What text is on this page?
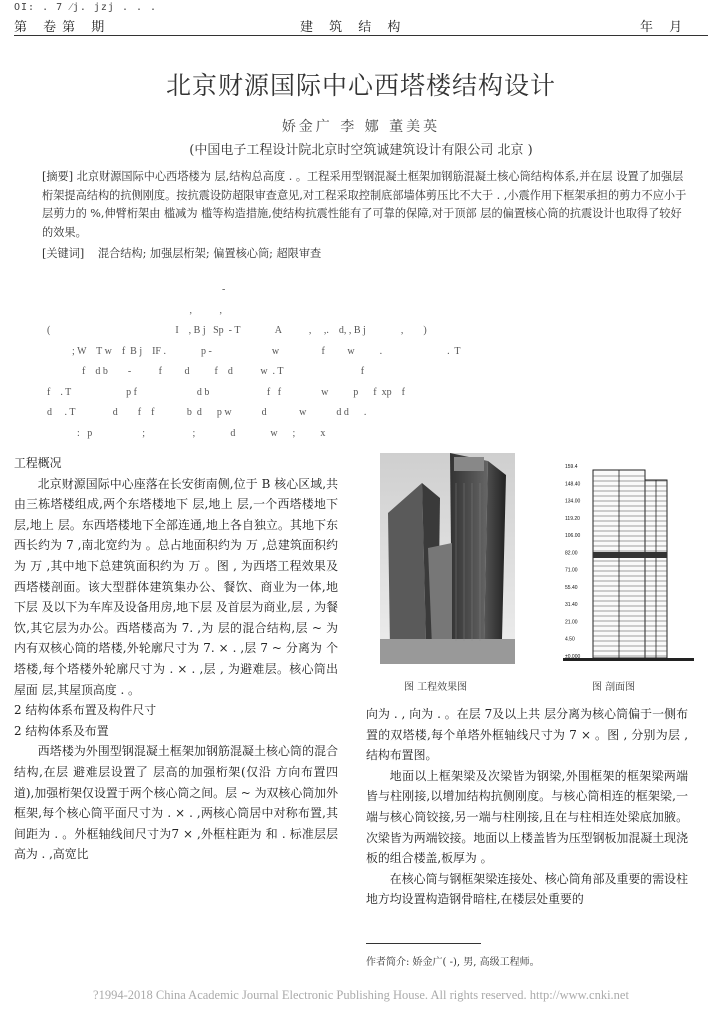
OI: . 7 ⁄j. jzj . . .
第 卷第 期	建 筑 结 构	年 月
北京财源国际中心西塔楼结构设计
娇金广 李 娜 董美英
(中国电子工程设计院北京时空筑诚建筑设计有限公司 北京 )
[摘要] 北京财源国际中心西塔楼为 层,结构总高度 . 。工程采用型钢混凝土框架加钢筋混凝土核心筒结构体系,并在层 设置了加强层桁架提高结构的抗侧刚度。按抗震设防超限审查意见,对工程采取控制底部墙体剪压比不大于 . ,小震作用下框架承担的剪力不应小于层剪力的 %,伸臂桁架由 槛减为 槛等构造措施,使结构抗震性能有了可靠的保障,对于顶部 层的偏置核心筒的抗震设计也取得了较好的效果。
[关键词] 混合结构; 加强层桁架; 偏置核心筒; 超限审查
-
,           ,
(                                                  I    , B j   Sp  - T              A           ,     ,.    d, , B j              ,        )
; W    T w    f  B j    IF .              p -                        w                 f         w          .                          .  T
f    d b        -           f         d          f    d           w  . T                               f
f    . T                      p f                        d b                       f   f                w          p      f  xp    f
d     . T               d        f    f             b  d      p w            d             w            d d      .
:   p                    ;                   ;              d              w      ;          x

工程概况

北京财源国际中心座落在长安街南侧,位于 B 核心区域,共由三栋塔楼组成,两个东塔楼地下 层,地上 层,一个西塔楼地下 层,地上 层。东西塔楼地下全部连通,地上各自独立。其地下东西长约为 7 ,南北宽约为 。总占地面积约为 万 ,总建筑面积约为 万 ,其中地下总建筑面积约为 万 。图 , 为西塔工程效果及西塔楼剖面。该大型群体建筑集办公、餐饮、商业为一体,地下层 及以下为车库及设备用房,地下层 及首层为商业,层 , 为餐饮,其它层为办公。西塔楼高为 7. ,为 层的混合结构,层 ~ 为内有双核心筒的塔楼,外轮廓尺寸为 7. × . ,层 7 ~ 分离为 个塔楼,每个塔楼外轮廓尺寸为 . × . ,层 , 为避难层。核心筒出屋面 层,其屋顶高度 . 。

2 结构体系布置及构件尺寸

2 结构体系及布置

西塔楼为外围型钢混凝土框架加钢筋混凝土核心筒的混合结构,在层 避难层设置了 层高的加强桁架(仅沿 方向布置四道),加强桁架仅设置于两个核心筒之间。层 ~ 为双核心筒加外框架,每个核心筒平面尺寸为 . × . ,两核心筒居中对称布置,其间距为 . 。外框轴线间尺寸为7 × ,外框柱距为 和 . 标准层层高为 . ,高宽比

图 工程效果图
159.4
148.40
134.00
119.20
106.00
82.00
71.00
55.40
31.40
21.00
4.50
±0.000
图 剖面图

向为 . , 向为 . 。在层 7及以上共 层分离为核心筒偏于一侧布置的双塔楼,每个单塔外框轴线尺寸为 7 × 。图 , 分别为层 , 结构布置图。

地面以上框架梁及次梁皆为钢梁,外围框架的框架梁两端皆与柱刚接,以增加结构抗侧刚度。与核心筒相连的框架梁,一端与核心筒铰接,另一端与柱刚接,且在与柱相连处梁底加腋。次梁皆为两端铰接。地面以上楼盖皆为压型钢板加混凝土现浇板的组合楼盖,板厚为 。

在核心筒与钢框架梁连接处、核心筒角部及重要的需设柱地方均设置构造钢骨暗柱,在楼层处重要的

作者简介: 娇金广( -), 男, 高级工程师。
?1994-2018 China Academic Journal Electronic Publishing House. All rights reserved. http://www.cnki.net
